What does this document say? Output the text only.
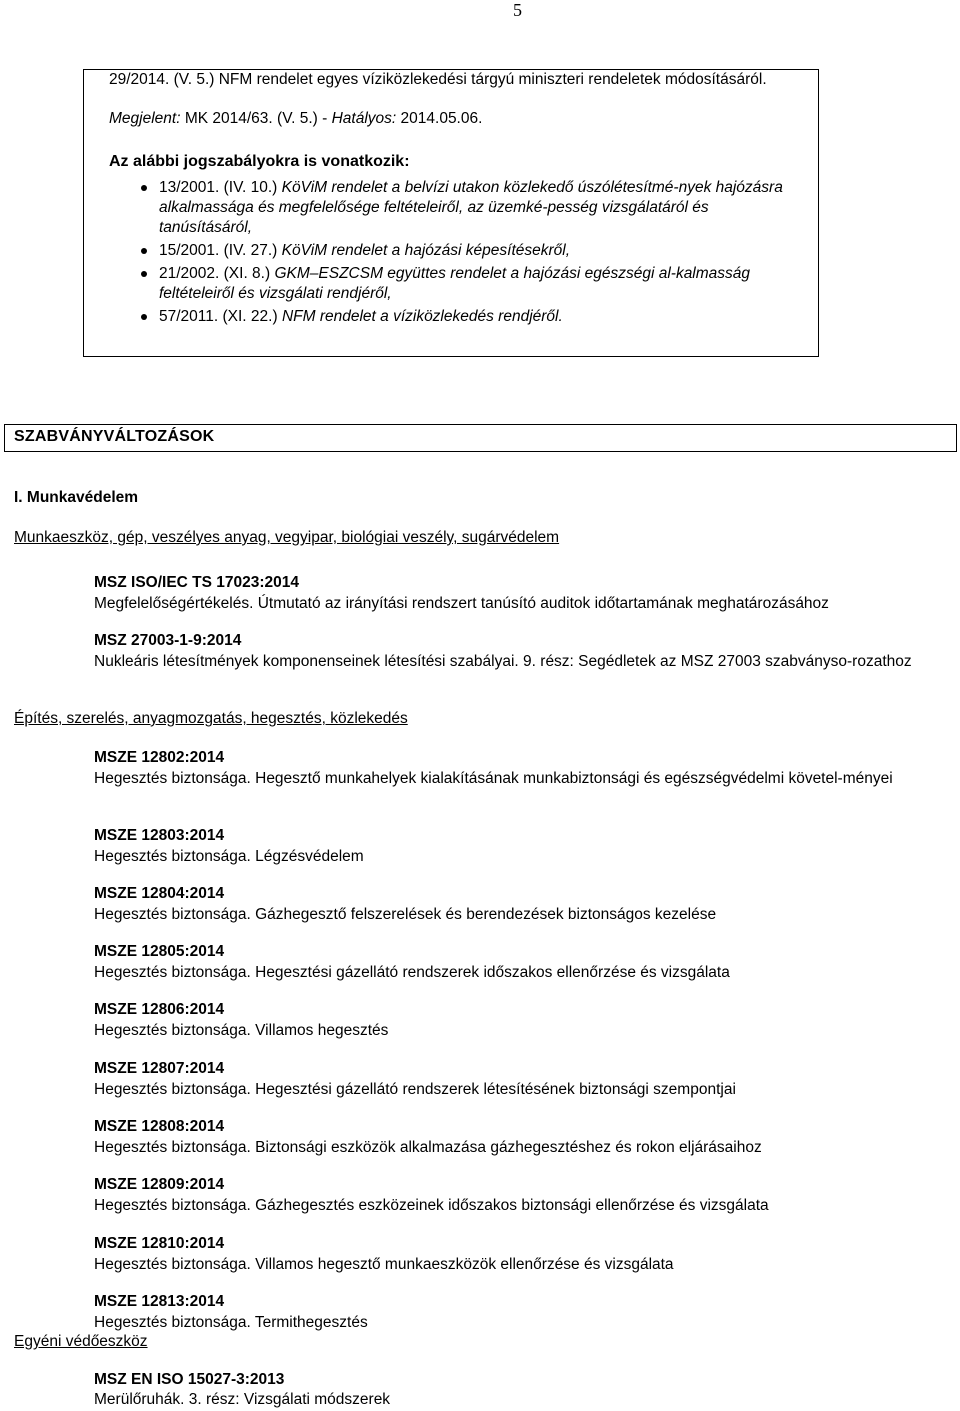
5
29/2014. (V. 5.) NFM rendelet egyes víziközlekedési tárgyú miniszteri rendeletek módosításáról.
Megjelent: MK 2014/63. (V. 5.) - Hatályos: 2014.05.06.
Az alábbi jogszabályokra is vonatkozik:
13/2001. (IV. 10.) KöViM rendelet a belvízi utakon közlekedő úszólétesítmé-nyek hajózásra alkalmassága és megfelelősége feltételeiről, az üzemké-pesség vizsgálatáról és tanúsításáról,
15/2001. (IV. 27.) KöViM rendelet a hajózási képesítésekről,
21/2002. (XI. 8.) GKM–ESZCSM együttes rendelet a hajózási egészségi al-kalmasság feltételeiről és vizsgálati rendjéről,
57/2011. (XI. 22.) NFM rendelet a víziközlekedés rendjéről.
SZABVÁNYVÁLTOZÁSOK
I. Munkavédelem
Munkaeszköz, gép, veszélyes anyag, vegyipar, biológiai veszély, sugárvédelem
MSZ ISO/IEC TS 17023:2014
Megfelelőségértékelés. Útmutató az irányítási rendszert tanúsító auditok időtartamának meghatározásához
MSZ 27003-1-9:2014
Nukleáris létesítmények komponenseinek létesítési szabályai. 9. rész: Segédletek az MSZ 27003 szabványso-rozathoz
Építés, szerelés, anyagmozgatás, hegesztés, közlekedés
MSZE 12802:2014
Hegesztés biztonsága. Hegesztő munkahelyek kialakításának munkabiztonsági és egészségvédelmi követel-ményei
MSZE 12803:2014
Hegesztés biztonsága. Légzésvédelem
MSZE 12804:2014
Hegesztés biztonsága. Gázhegesztő felszerelések és berendezések biztonságos kezelése
MSZE 12805:2014
Hegesztés biztonsága. Hegesztési gázellátó rendszerek időszakos ellenőrzése és vizsgálata
MSZE 12806:2014
Hegesztés biztonsága. Villamos hegesztés
MSZE 12807:2014
Hegesztés biztonsága. Hegesztési gázellátó rendszerek létesítésének biztonsági szempontjai
MSZE 12808:2014
Hegesztés biztonsága. Biztonsági eszközök alkalmazása gázhegesztéshez és rokon eljárásaihoz
MSZE 12809:2014
Hegesztés biztonsága. Gázhegesztés eszközeinek időszakos biztonsági ellenőrzése és vizsgálata
MSZE 12810:2014
Hegesztés biztonsága. Villamos hegesztő munkaeszközök ellenőrzése és vizsgálata
MSZE 12813:2014
Hegesztés biztonsága. Termithegesztés
Egyéni védőeszköz
MSZ EN ISO 15027-3:2013
Merülőruhák. 3. rész: Vizsgálati módszerek
